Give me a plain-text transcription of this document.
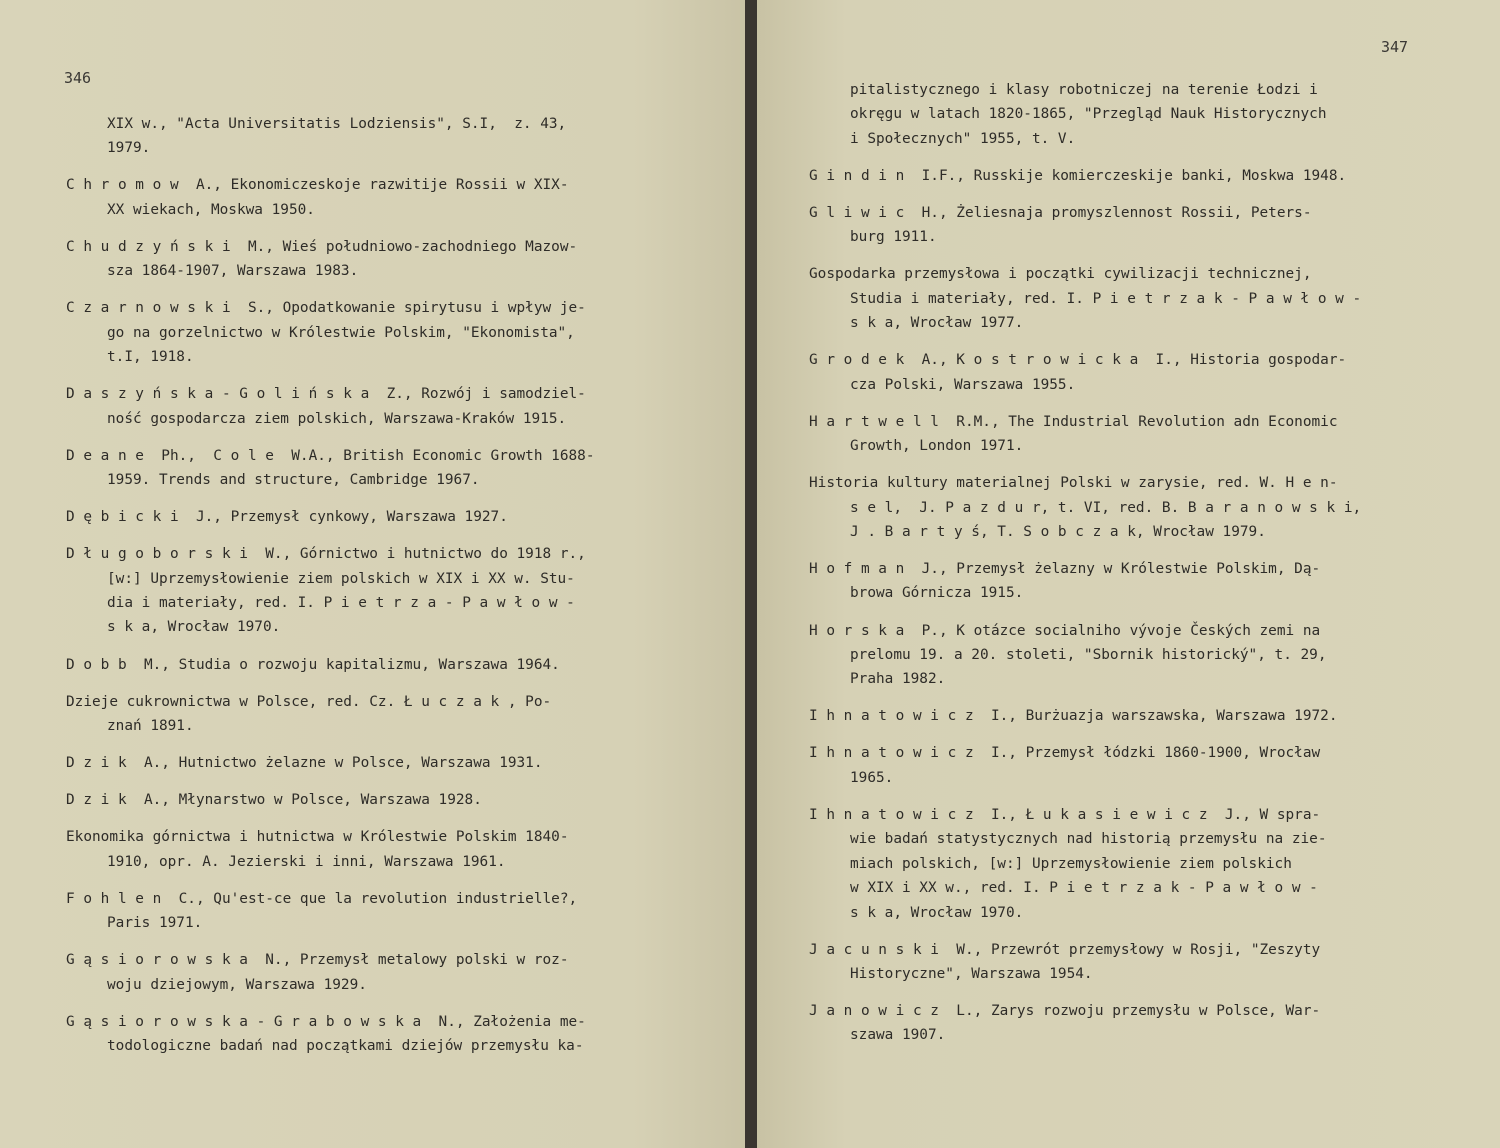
346
XIX w., "Acta Universitatis Lodziensis", S.I,  z. 43,
1979.
C h r o m o w  A., Ekonomiczeskoje razwitije Rossii w XIX-
XX wiekach, Moskwa 1950.
C h u d z y ń s k i  M., Wieś południowo-zachodniego Mazow-
sza 1864-1907, Warszawa 1983.
C z a r n o w s k i  S., Opodatkowanie spirytusu i wpływ je-
go na gorzelnictwo w Królestwie Polskim, "Ekonomista",
t.I, 1918.
D a s z y ń s k a - G o l i ń s k a  Z., Rozwój i samodziel-
ność gospodarcza ziem polskich, Warszawa-Kraków 1915.
D e a n e  Ph.,  C o l e  W.A., British Economic Growth 1688-
1959. Trends and structure, Cambridge 1967.
D ę b i c k i  J., Przemysł cynkowy, Warszawa 1927.
D ł u g o b o r s k i  W., Górnictwo i hutnictwo do 1918 r.,
[w:] Uprzemysłowienie ziem polskich w XIX i XX w. Stu-
dia i materiały, red. I. P i e t r z a - P a w ł o w -
s k a, Wrocław 1970.
D o b b  M., Studia o rozwoju kapitalizmu, Warszawa 1964.
Dzieje cukrownictwa w Polsce, red. Cz. Ł u c z a k , Po-
znań 1891.
D z i k  A., Hutnictwo żelazne w Polsce, Warszawa 1931.
D z i k  A., Młynarstwo w Polsce, Warszawa 1928.
Ekonomika górnictwa i hutnictwa w Królestwie Polskim 1840-
1910, opr. A. Jezierski i inni, Warszawa 1961.
F o h l e n  C., Qu'est-ce que la revolution industrielle?,
Paris 1971.
G ą s i o r o w s k a  N., Przemysł metalowy polski w roz-
woju dziejowym, Warszawa 1929.
G ą s i o r o w s k a - G r a b o w s k a  N., Założenia me-
todologiczne badań nad początkami dziejów przemysłu ka-
347
pitalistycznego i klasy robotniczej na terenie Łodzi i
okręgu w latach 1820-1865, "Przegląd Nauk Historycznych
i Społecznych" 1955, t. V.
G i n d i n  I.F., Russkije komierczeskije banki, Moskwa 1948.
G l i w i c  H., Żeliesnaja promyszlennost Rossii, Peters-
burg 1911.
Gospodarka przemysłowa i początki cywilizacji technicznej,
Studia i materiały, red. I. P i e t r z a k - P a w ł o w -
s k a, Wrocław 1977.
G r o d e k  A., K o s t r o w i c k a  I., Historia gospodar-
cza Polski, Warszawa 1955.
H a r t w e l l  R.M., The Industrial Revolution adn Economic
Growth, London 1971.
Historia kultury materialnej Polski w zarysie, red. W. H e n-
s e l,  J. P a z d u r, t. VI, red. B. B a r a n o w s k i,
J . B a r t y ś, T. S o b c z a k, Wrocław 1979.
H o f m a n  J., Przemysł żelazny w Królestwie Polskim, Dą-
browa Górnicza 1915.
H o r s k a  P., K otázce socialniho vývoje Českých zemi na
prelomu 19. a 20. stoleti, "Sbornik historický", t. 29,
Praha 1982.
I h n a t o w i c z  I., Burżuazja warszawska, Warszawa 1972.
I h n a t o w i c z  I., Przemysł łódzki 1860-1900, Wrocław
1965.
I h n a t o w i c z  I., Ł u k a s i e w i c z  J., W spra-
wie badań statystycznych nad historią przemysłu na zie-
miach polskich, [w:] Uprzemysłowienie ziem polskich
w XIX i XX w., red. I. P i e t r z a k - P a w ł o w -
s k a, Wrocław 1970.
J a c u n s k i  W., Przewrót przemysłowy w Rosji, "Zeszyty
Historyczne", Warszawa 1954.
J a n o w i c z  L., Zarys rozwoju przemysłu w Polsce, War-
szawa 1907.
